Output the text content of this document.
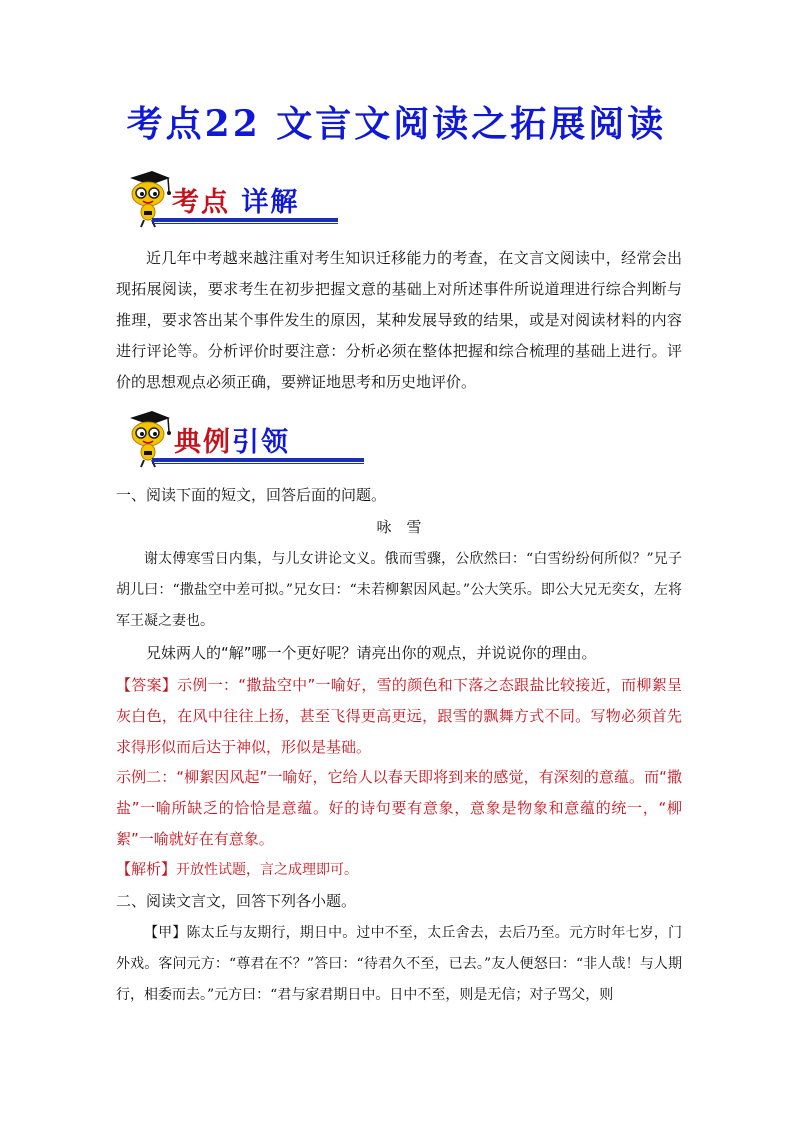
考点22 文言文阅读之拓展阅读
考点 详解
近几年中考越来越注重对考生知识迁移能力的考查，在文言文阅读中，经常会出现拓展阅读，要求考生在初步把握文意的基础上对所述事件所说道理进行综合判断与推理，要求答出某个事件发生的原因，某种发展导致的结果，或是对阅读材料的内容进行评论等。分析评价时要注意：分析必须在整体把握和综合梳理的基础上进行。评价的思想观点必须正确，要辨证地思考和历史地评价。
典例引领
一、阅读下面的短文，回答后面的问题。
咏　雪
谢太傅寒雪日内集，与儿女讲论文义。俄而雪骤，公欣然曰：“白雪纷纷何所似？”兄子胡儿曰：“撒盐空中差可拟。”兄女曰：“未若柳絮因风起。”公大笑乐。即公大兄无奕女，左将军王凝之妻也。
兄妹两人的“解”哪一个更好呢？请亮出你的观点，并说说你的理由。
【答案】示例一：“撒盐空中”一喻好，雪的颜色和下落之态跟盐比较接近，而柳絮呈灰白色，在风中往往上扬，甚至飞得更高更远，跟雪的飘舞方式不同。写物必须首先求得形似而后达于神似，形似是基础。
示例二：“柳絮因风起”一喻好，它给人以春天即将到来的感觉，有深刻的意蕴。而“撒盐”一喻所缺乏的恰恰是意蕴。好的诗句要有意象，意象是物象和意蕴的统一，“柳絮”一喻就好在有意象。
【解析】开放性试题，言之成理即可。
二、阅读文言文，回答下列各小题。
【甲】陈太丘与友期行，期日中。过中不至，太丘舍去，去后乃至。元方时年七岁，门外戏。客问元方：“尊君在不？”答曰：“待君久不至，已去。”友人便怒曰：“非人哉！与人期行，相委而去。”元方曰：“君与家君期日中。日中不至，则是无信；对子骂父，则
